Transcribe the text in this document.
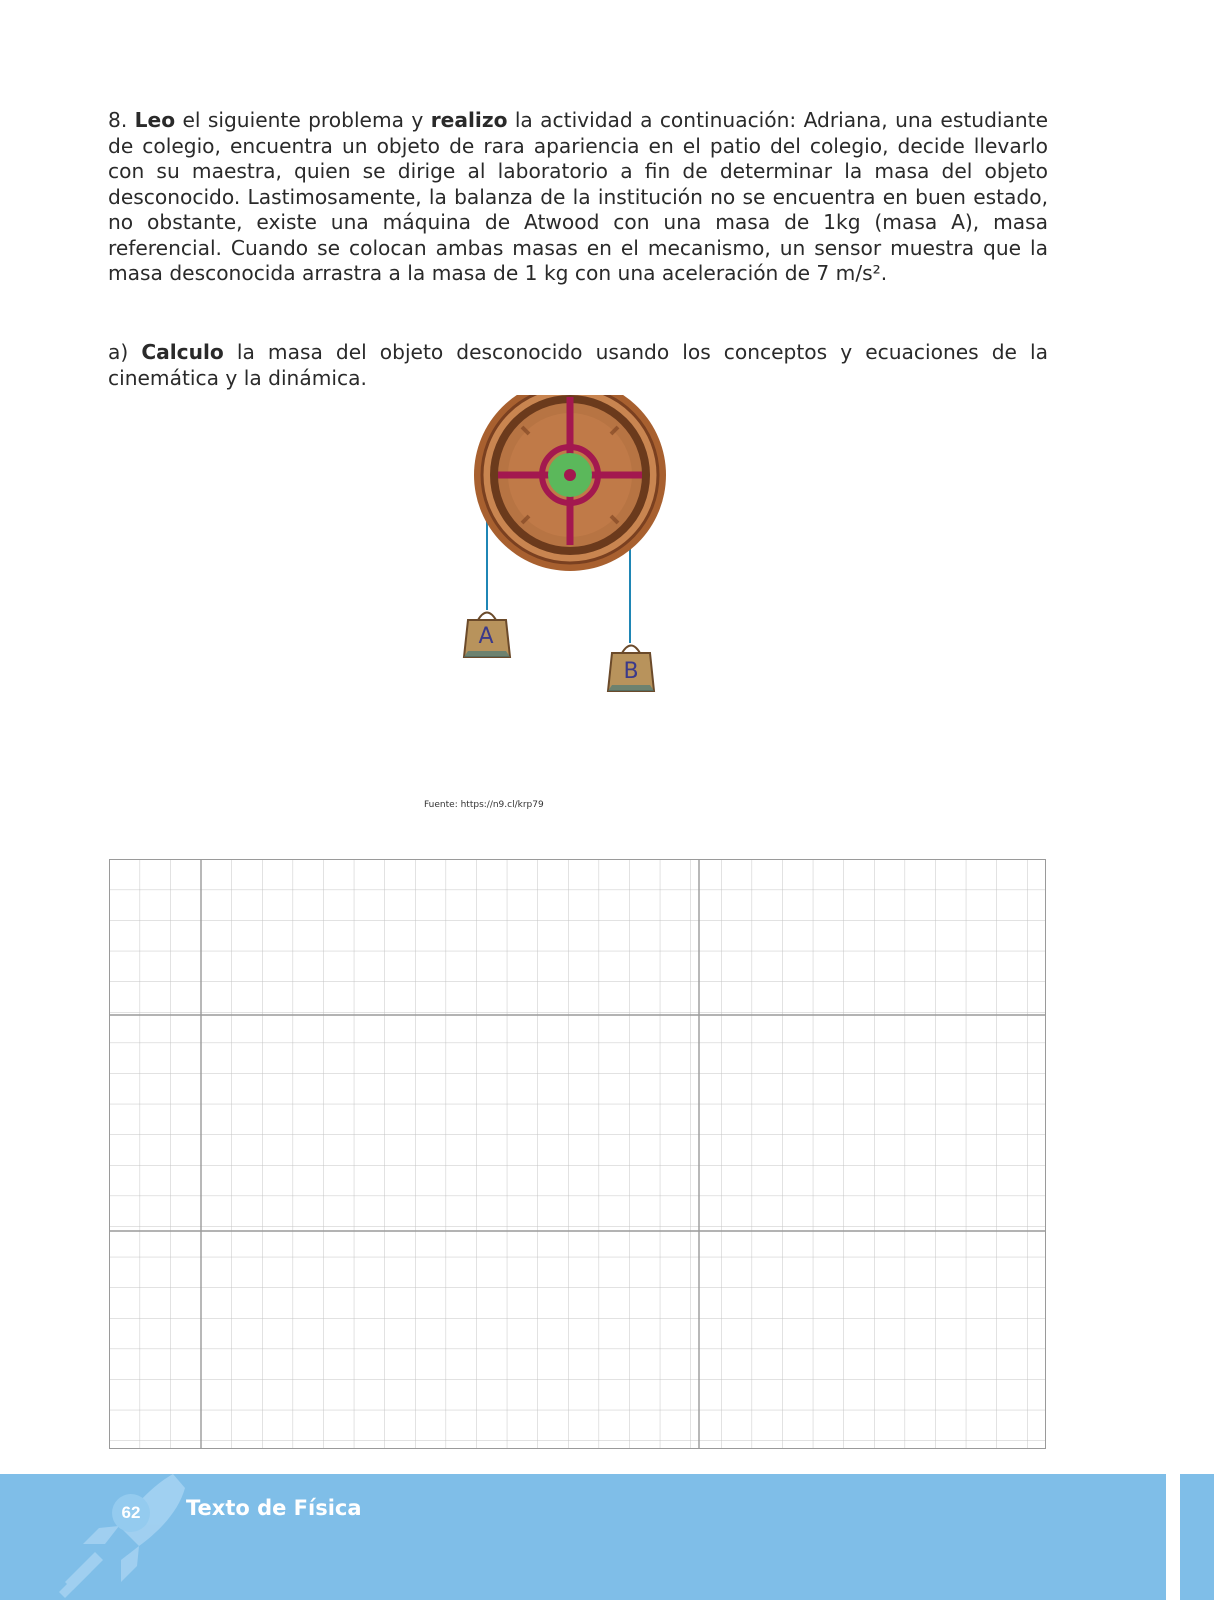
8. Leo el siguiente problema y realizo la actividad a continuación: Adriana, una estudiante de colegio, encuentra un objeto de rara apariencia en el patio del colegio, decide llevarlo con su maestra, quien se dirige al laboratorio a fin de determinar la masa del objeto desconocido. Lastimosamente, la balanza de la institución no se encuentra en buen estado, no obstante, existe una máquina de Atwood con una masa de 1kg (masa A), masa referencial. Cuando se colocan ambas masas en el mecanismo, un sensor muestra que la masa desconocida arrastra a la masa de 1 kg con una aceleración de 7 m/s².

a) Calculo la masa del objeto desconocido usando los conceptos y ecuaciones de la cinemática y la dinámica.

A
B
Fuente: https://n9.cl/krp79
62 Texto de Física
